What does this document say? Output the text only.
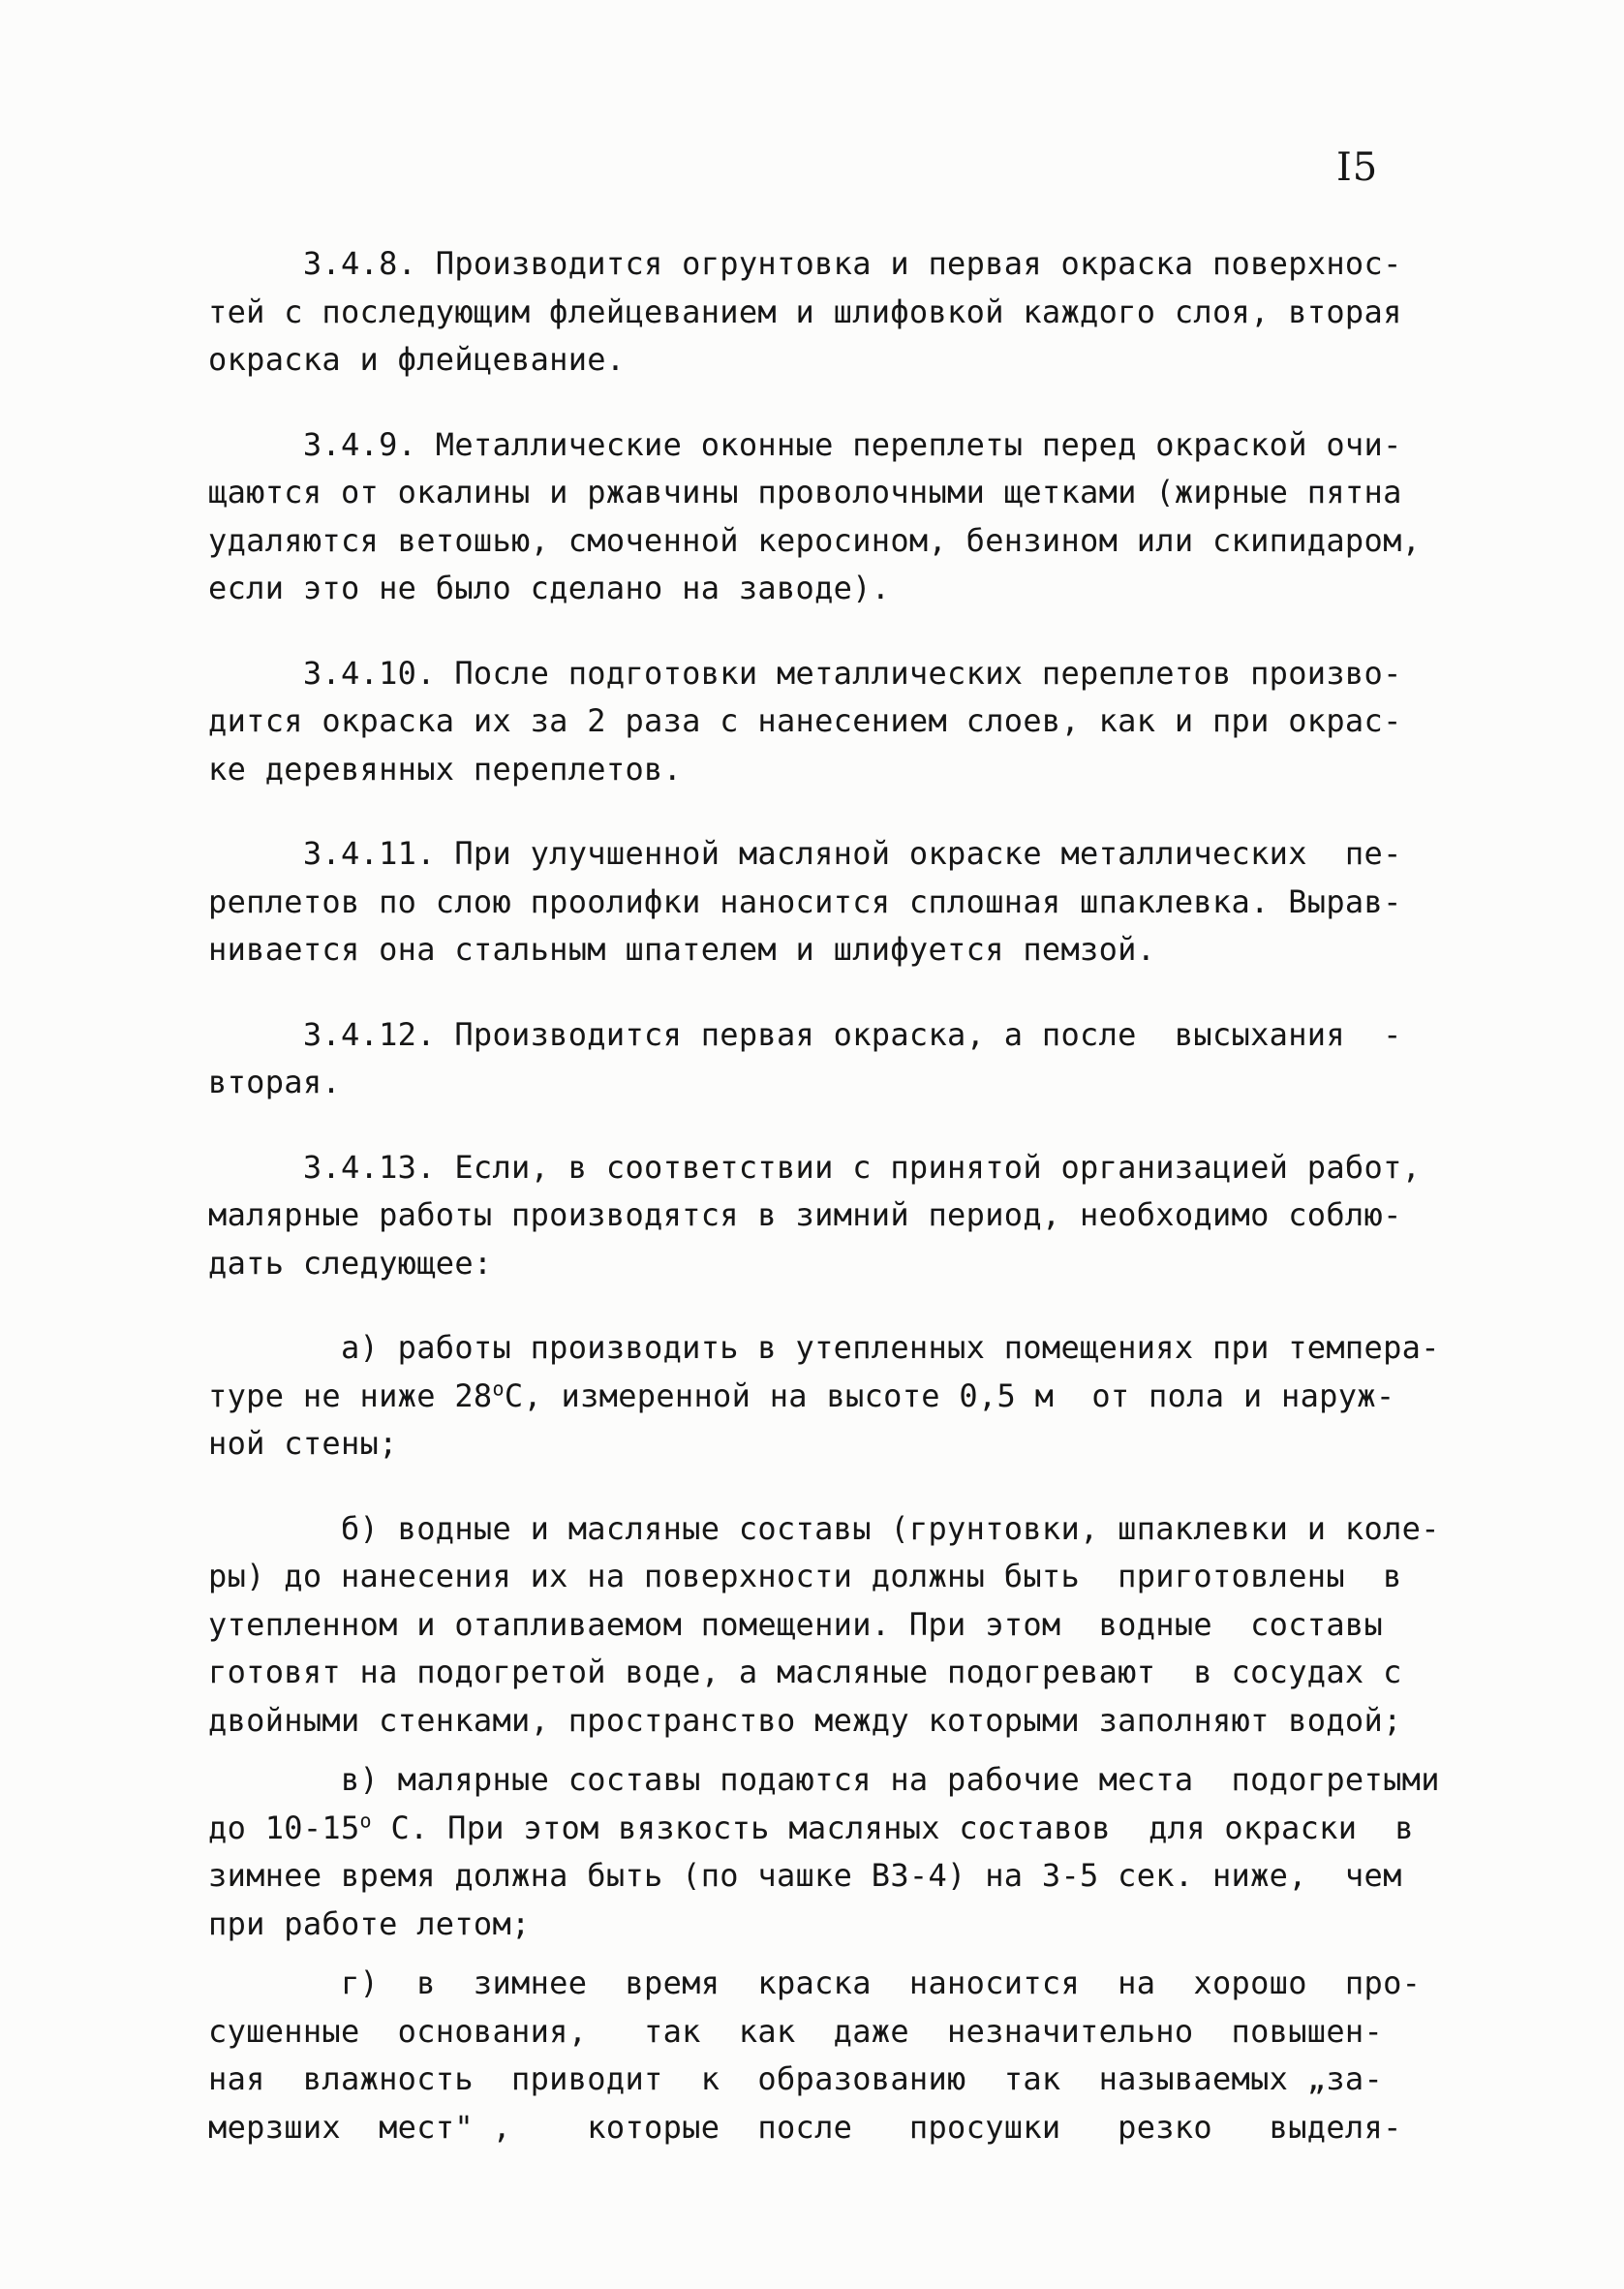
I5

3.4.8. Производится огрунтовка и первая окраска поверхнос-
тей с последующим флейцеванием и шлифовкой каждого слоя, вторая
окраска и флейцевание.

3.4.9. Металлические оконные переплеты перед окраской очи-
щаются от окалины и ржавчины проволочными щетками (жирные пятна
удаляются ветошью, смоченной керосином, бензином или скипидаром,
если это не было сделано на заводе).

3.4.10. После подготовки металлических переплетов произво-
дится окраска их за 2 раза с нанесением слоев, как и при окрас-
ке деревянных переплетов.

3.4.11. При улучшенной масляной окраске металлических  пе-
реплетов по слою проолифки наносится сплошная шпаклевка. Вырав-
нивается она стальным шпателем и шлифуется пемзой.

3.4.12. Производится первая окраска, а после  высыхания  -
вторая.

3.4.13. Если, в соответствии с принятой организацией работ,
малярные работы производятся в зимний период, необходимо соблю-
дать следующее:

а) работы производить в утепленных помещениях при темпера-
туре не ниже $28^оС$, измеренной на высоте 0,5 м  от пола и наруж-
ной стены;

б) водные и масляные составы (грунтовки, шпаклевки и коле-
ры) до нанесения их на поверхности должны быть  приготовлены  в
утепленном и отапливаемом помещении. При этом  водные  составы
готовят на подогретой воде, а масляные подогревают  в сосудах с
двойными стенками, пространство между которыми заполняют водой;

в) малярные составы подаются на рабочие места  подогретыми
до $10-15^о$ С. При этом вязкость масляных составов  для окраски  в
зимнее время должна быть (по чашке ВЗ-4) на 3-5 сек. ниже,  чем
при работе летом;

г)  в  зимнее  время  краска  наносится  на  хорошо  про-
сушенные  основания,   так  как  даже  незначительно  повышен-
ная  влажность  приводит  к  образованию  так  называемых „за-
мерзших  мест" ,    которые  после   просушки   резко   выделя-
